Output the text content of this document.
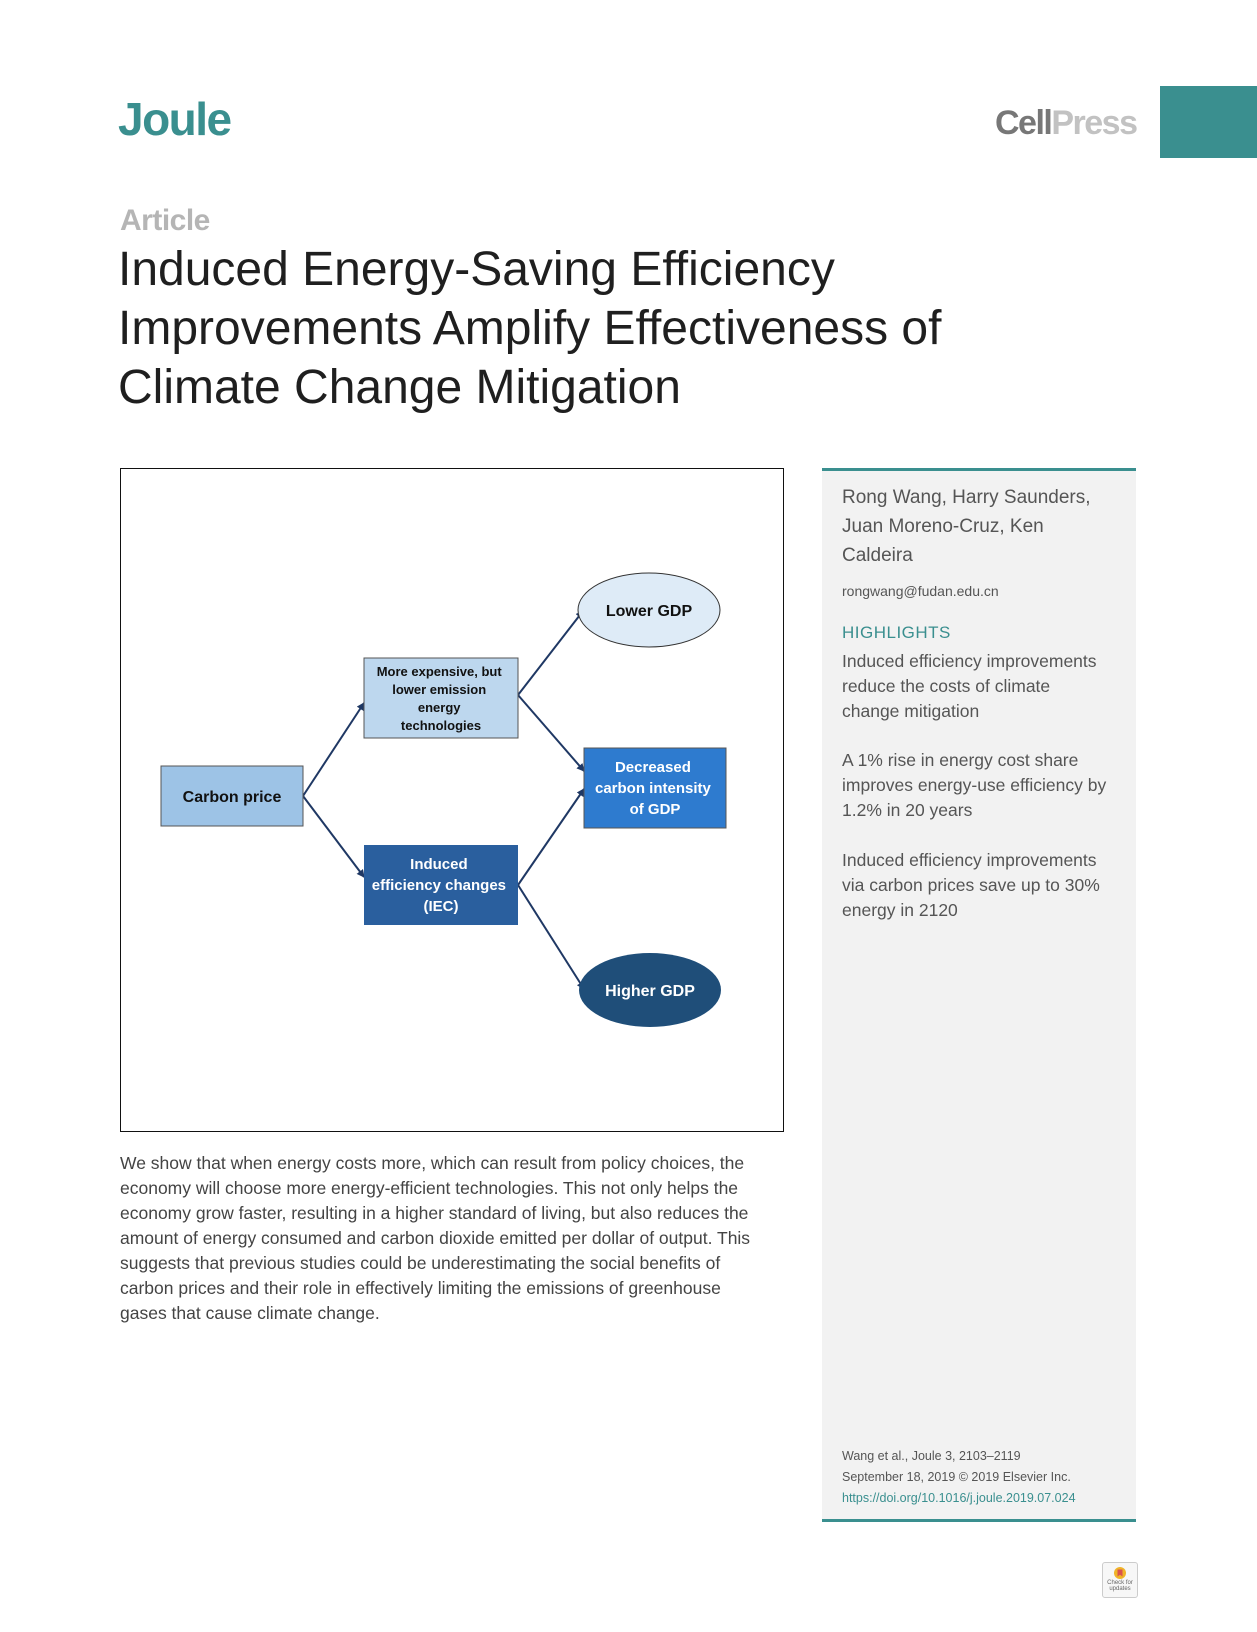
Joule	CellPress
Article
Induced Energy-Saving Efficiency
Improvements Amplify Effectiveness of
Climate Change Mitigation
Carbon price
More expensive, but lower emission energy technologies
Induced efficiency changes (IEC)
Lower GDP
Decreased carbon intensity of GDP
Higher GDP
We show that when energy costs more, which can result from policy choices, the
economy will choose more energy-efficient technologies. This not only helps the
economy grow faster, resulting in a higher standard of living, but also reduces the
amount of energy consumed and carbon dioxide emitted per dollar of output. This
suggests that previous studies could be underestimating the social benefits of
carbon prices and their role in effectively limiting the emissions of greenhouse
gases that cause climate change.
Rong Wang, Harry Saunders,
Juan Moreno-Cruz, Ken
Caldeira
rongwang@fudan.edu.cn
HIGHLIGHTS
Induced efficiency improvements
reduce the costs of climate
change mitigation
A 1% rise in energy cost share
improves energy-use efficiency by
1.2% in 20 years
Induced efficiency improvements
via carbon prices save up to 30%
energy in 2120
Wang et al., Joule 3, 2103–2119
September 18, 2019 © 2019 Elsevier Inc.
https://doi.org/10.1016/j.joule.2019.07.024
Check for
updates
